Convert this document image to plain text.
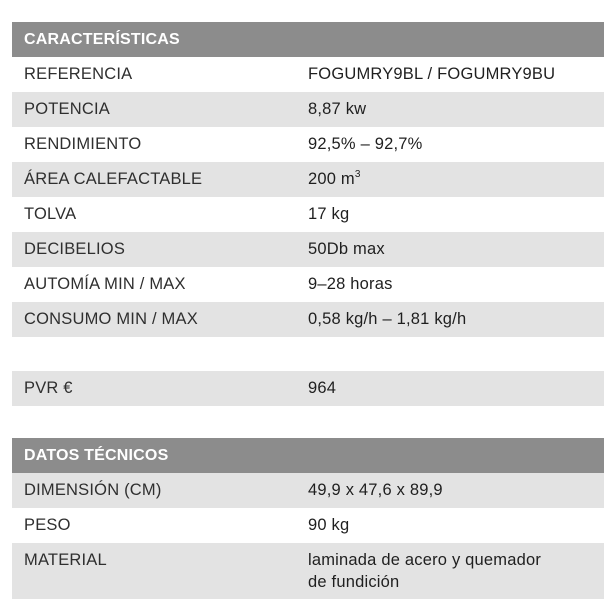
CARACTERÍSTICAS
REFERENCIA	FOGUMRY9BL / FOGUMRY9BU
POTENCIA	8,87 kw
RENDIMIENTO	92,5% – 92,7%
ÁREA CALEFACTABLE	200 $m^3$
TOLVA	17 kg
DECIBELIOS	50Db max
AUTOMÍA MIN / MAX	9–28 horas
CONSUMO MIN / MAX	0,58 kg/h – 1,81 kg/h
PVR €	964
DATOS TÉCNICOS
DIMENSIÓN (CM)	49,9 x 47,6 x 89,9
PESO	90 kg
MATERIAL	laminada de acero y quemador de fundición
